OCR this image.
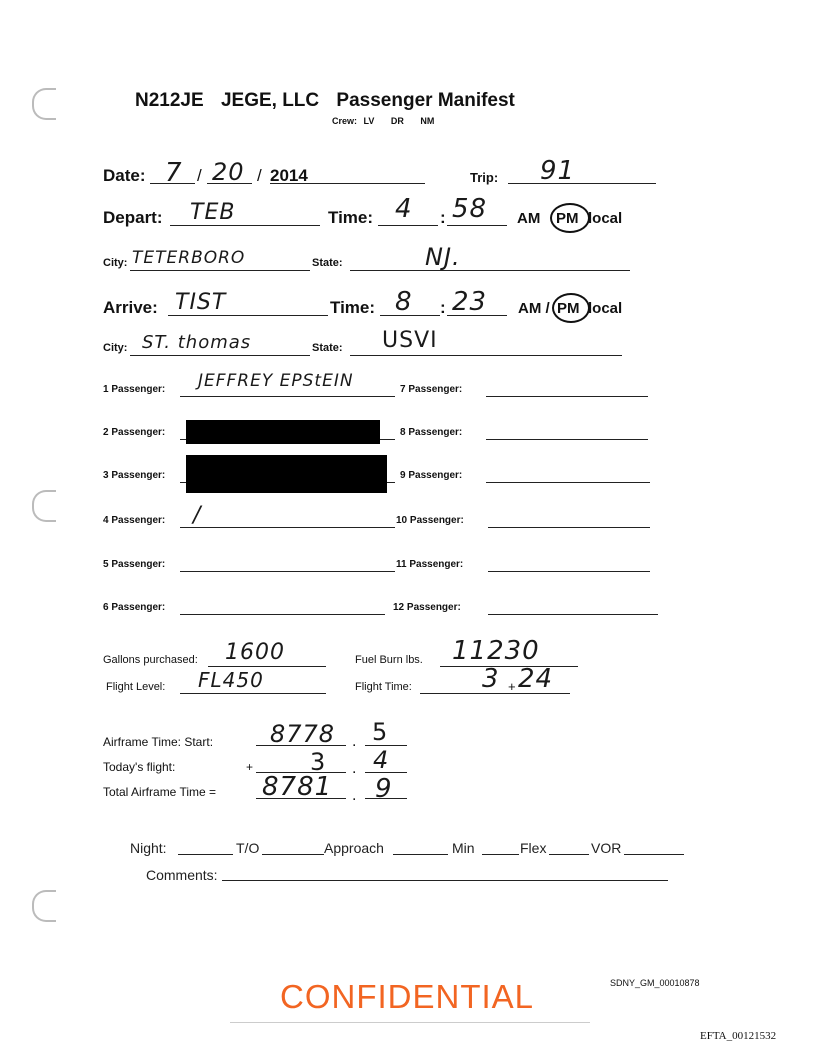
N212JE JEGE, LLC Passenger Manifest
Crew: LV DR NM
Date: 7 / 20 / 2014	Trip: 91
Depart: TEB	Time: 4 : 58 AM PM local
City: TETERBORO	State:	NJ.
Arrive: TIST	Time: 8 : 23 AM / PM local
City: ST. thomas	State: USVI
1 Passenger: JEFFREY EPStEIN
2 Passenger:
3 Passenger:
4 Passenger: /
5 Passenger:
6 Passenger:
7 Passenger:
8 Passenger:
9 Passenger:
10 Passenger:
11 Passenger:
12 Passenger:
Gallons purchased: 1600	Fuel Burn lbs. 11230
Flight Level: FL450	Flight Time:	3 + 24
Airframe Time: Start: 8778 . 5
Today's flight:	+ 3 . 4
Total Airframe Time = 8781 . 9
Night:	T/O	Approach	Min	Flex	VOR
Comments:
CONFIDENTIAL	SDNY_GM_00010878
EFTA_00121532
